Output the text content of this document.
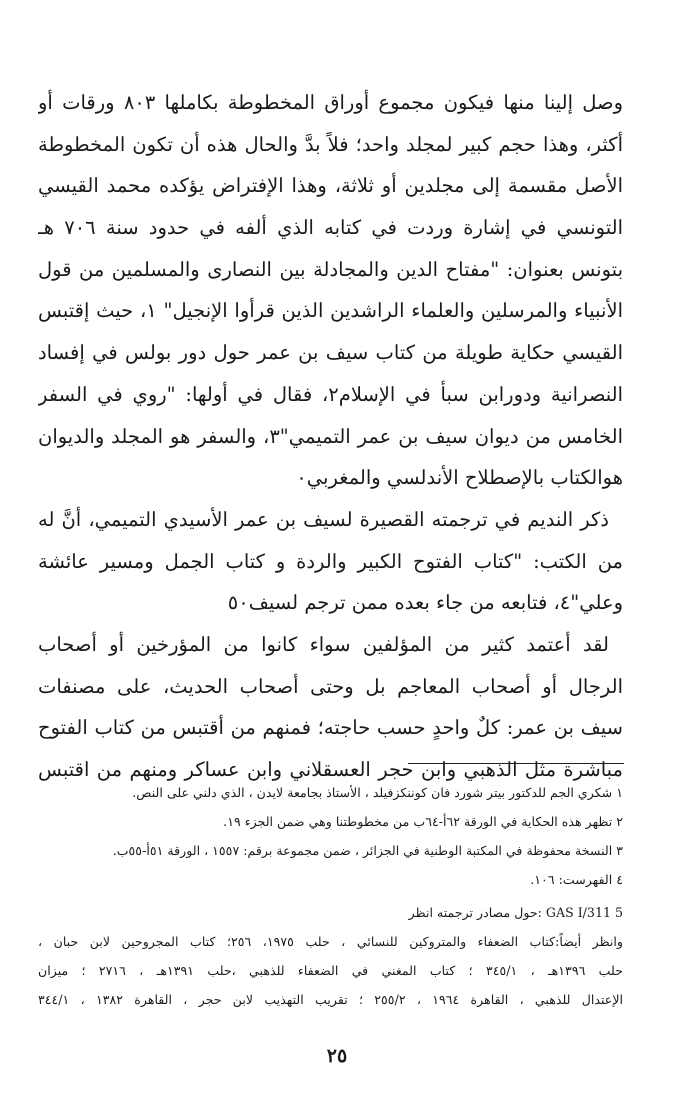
وصل إلينا منها فيكون مجموع أوراق المخطوطة بكاملها ٨٠٣ ورقات أو
أكثر، وهذا حجم كبير لمجلد واحد؛ فلاً بدَّ والحال هذه أن تكون المخطوطة
الأصل مقسمة إلى مجلدين أو ثلاثة، وهذا الإفتراض يؤكده محمد القيسي
التونسي في إشارة وردت في كتابه الذي ألفه في حدود سنة ٧٠٦ هـ
بتونس بعنوان: "مفتاح الدين والمجادلة بين النصارى والمسلمين من قول
الأنبياء والمرسلين والعلماء الراشدين الذين قرأوا الإنجيل" ١، حيث إقتبس
القيسي حكاية طويلة من كتاب سيف بن عمر حول دور بولس في إفساد
النصرانية ودورابن سبأ في الإسلام٢، فقال في أولها: "روي في السفر
الخامس من ديوان سيف بن عمر التميمي"٣، والسفر هو المجلد والديوان
هوالكتاب بالإصطلاح الأندلسي والمغربي٠
ذكر النديم في ترجمته القصيرة لسيف بن عمر الأسيدي التميمي، أنَّ له
من الكتب: "كتاب الفتوح الكبير والردة و كتاب الجمل ومسير عائشة
وعلي"٤، فتابعه من جاء بعده ممن ترجم لسيف٥٠
لقد أعتمد كثير من المؤلفين سواء كانوا من المؤرخين أو أصحاب
الرجال أو أصحاب المعاجم بل وحتى أصحاب الحديث، على مصنفات
سيف بن عمر: كلٌ واحدٍ حسب حاجته؛ فمنهم من أقتبس من كتاب الفتوح
مباشرة مثل الذهبي وابن حجر العسقلاني وابن عساكر ومنهم من اقتبس
١ شكري الجم للدكتور بيتر شورد فان كوننكزفيلد ، الأستاذ بجامعة لايدن ، الذي دلني على النص.
٢ تظهر هذه الحكاية في الورقة ٦٢أ-٦٤ب من مخطوطتنا وهي ضمن الجزء ١٩.
٣ النسخة محفوظة في المكتبة الوطنية في الجزائر ، ضمن مجموعة برقم: ١٥٥٧ ، الورقة ٥١أ-٥٥ب.
٤ الفهرست: ١٠٦.
5 GAS I/311 :حول مصادر ترجمته انظر
وانظر أيضاً:كتاب الضعفاء والمتروكين للنسائي ، حلب ١٩٧٥، ٢٥٦؛ كتاب المجروحين لابن حبان ،
حلب ١٣٩٦هـ ، ٣٤٥/١ ؛ كتاب المغني في الضعفاء للذهبي ،حلب ١٣٩١هـ ، ٢٧١٦ ؛ ميزان
الإعتدال للذهبي ، القاهرة ١٩٦٤ ، ٢٥٥/٢ ؛ تقريب التهذيب لابن حجر ، القاهرة ١٣٨٢ ، ٣٤٤/١
٢٥
